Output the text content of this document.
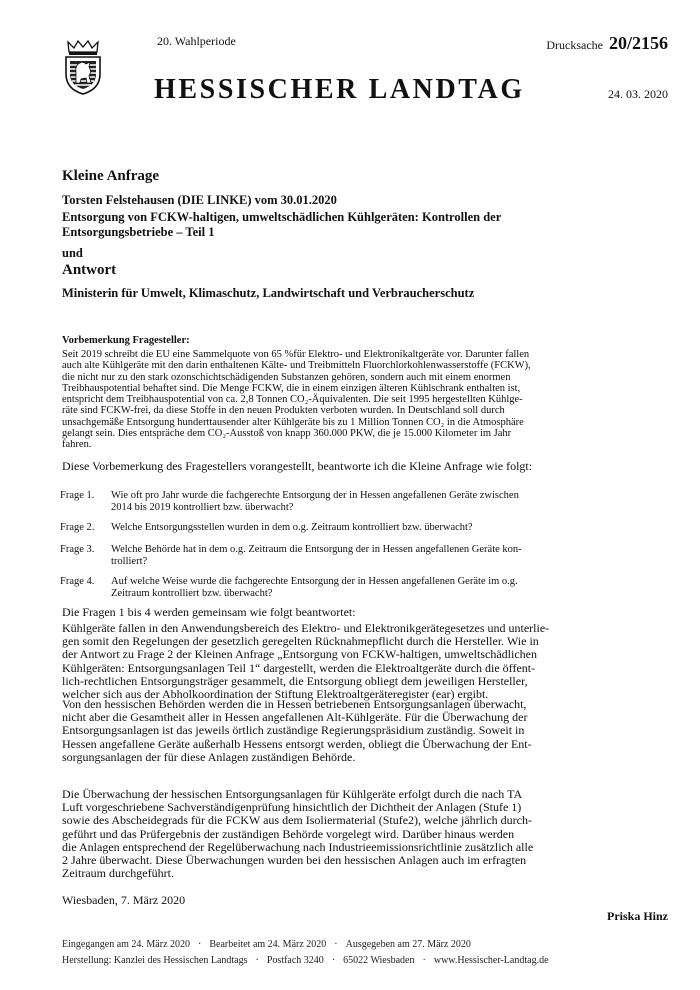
20. Wahlperiode	Drucksache 20/2156
HESSISCHER LANDTAG	24. 03. 2020
Kleine Anfrage
Torsten Felstehausen (DIE LINKE) vom 30.01.2020
Entsorgung von FCKW-haltigen, umweltschädlichen Kühlgeräten: Kontrollen der
Entsorgungsbetriebe – Teil 1
und
Antwort
Ministerin für Umwelt, Klimaschutz, Landwirtschaft und Verbraucherschutz
Vorbemerkung Fragesteller:
Seit 2019 schreibt die EU eine Sammelquote von 65 %für Elektro- und Elektronikaltgeräte vor. Darunter fallen
auch alte Kühlgeräte mit den darin enthaltenen Kälte- und Treibmitteln Fluorchlorkohlenwasserstoffe (FCKW),
die nicht nur zu den stark ozonschichtschädigenden Substanzen gehören, sondern auch mit einem enormen
Treibhauspotential behaftet sind. Die Menge FCKW, die in einem einzigen älteren Kühlschrank enthalten ist,
entspricht dem Treibhauspotential von ca. 2,8 Tonnen CO₂-Äquivalenten. Die seit 1995 hergestellten Kühlge-
räte sind FCKW-frei, da diese Stoffe in den neuen Produkten verboten wurden. In Deutschland soll durch
unsachgemäße Entsorgung hunderttausender alter Kühlgeräte bis zu 1 Million Tonnen CO₂ in die Atmosphäre
gelangt sein. Dies entspräche dem CO₂-Ausstoß von knapp 360.000 PKW, die je 15.000 Kilometer im Jahr
fahren.
Diese Vorbemerkung des Fragestellers vorangestellt, beantworte ich die Kleine Anfrage wie folgt:
Frage 1.	Wie oft pro Jahr wurde die fachgerechte Entsorgung der in Hessen angefallenen Geräte zwischen
2014 bis 2019 kontrolliert bzw. überwacht?
Frage 2.	Welche Entsorgungsstellen wurden in dem o.g. Zeitraum kontrolliert bzw. überwacht?
Frage 3.	Welche Behörde hat in dem o.g. Zeitraum die Entsorgung der in Hessen angefallenen Geräte kon-
trolliert?
Frage 4.	Auf welche Weise wurde die fachgerechte Entsorgung der in Hessen angefallenen Geräte im o.g.
Zeitraum kontrolliert bzw. überwacht?
Die Fragen 1 bis 4 werden gemeinsam wie folgt beantwortet:
Kühlgeräte fallen in den Anwendungsbereich des Elektro- und Elektronikgerätegesetzes und unterlie-
gen somit den Regelungen der gesetzlich geregelten Rücknahmepflicht durch die Hersteller. Wie in
der Antwort zu Frage 2 der Kleinen Anfrage „Entsorgung von FCKW-haltigen, umweltschädlichen
Kühlgeräten: Entsorgungsanlagen Teil 1“ dargestellt, werden die Elektroaltgeräte durch die öffent-
lich-rechtlichen Entsorgungsträger gesammelt, die Entsorgung obliegt dem jeweiligen Hersteller,
welcher sich aus der Abholkoordination der Stiftung Elektroaltgeräteregister (ear) ergibt.
Von den hessischen Behörden werden die in Hessen betriebenen Entsorgungsanlagen überwacht,
nicht aber die Gesamtheit aller in Hessen angefallenen Alt-Kühlgeräte. Für die Überwachung der
Entsorgungsanlagen ist das jeweils örtlich zuständige Regierungspräsidium zuständig. Soweit in
Hessen angefallene Geräte außerhalb Hessens entsorgt werden, obliegt die Überwachung der Ent-
sorgungsanlagen der für diese Anlagen zuständigen Behörde.
Die Überwachung der hessischen Entsorgungsanlagen für Kühlgeräte erfolgt durch die nach TA
Luft vorgeschriebene Sachverständigenprüfung hinsichtlich der Dichtheit der Anlagen (Stufe 1)
sowie des Abscheidegrads für die FCKW aus dem Isoliermaterial (Stufe2), welche jährlich durch-
geführt und das Prüfergebnis der zuständigen Behörde vorgelegt wird. Darüber hinaus werden
die Anlagen entsprechend der Regelüberwachung nach Industrieemissionsrichtlinie zusätzlich alle
2 Jahre überwacht. Diese Überwachungen wurden bei den hessischen Anlagen auch im erfragten
Zeitraum durchgeführt.
Wiesbaden, 7. März 2020
Priska Hinz
Eingegangen am 24. März 2020 · Bearbeitet am 24. März 2020 · Ausgegeben am 27. März 2020
Herstellung: Kanzlei des Hessischen Landtags · Postfach 3240 · 65022 Wiesbaden · www.Hessischer-Landtag.de
